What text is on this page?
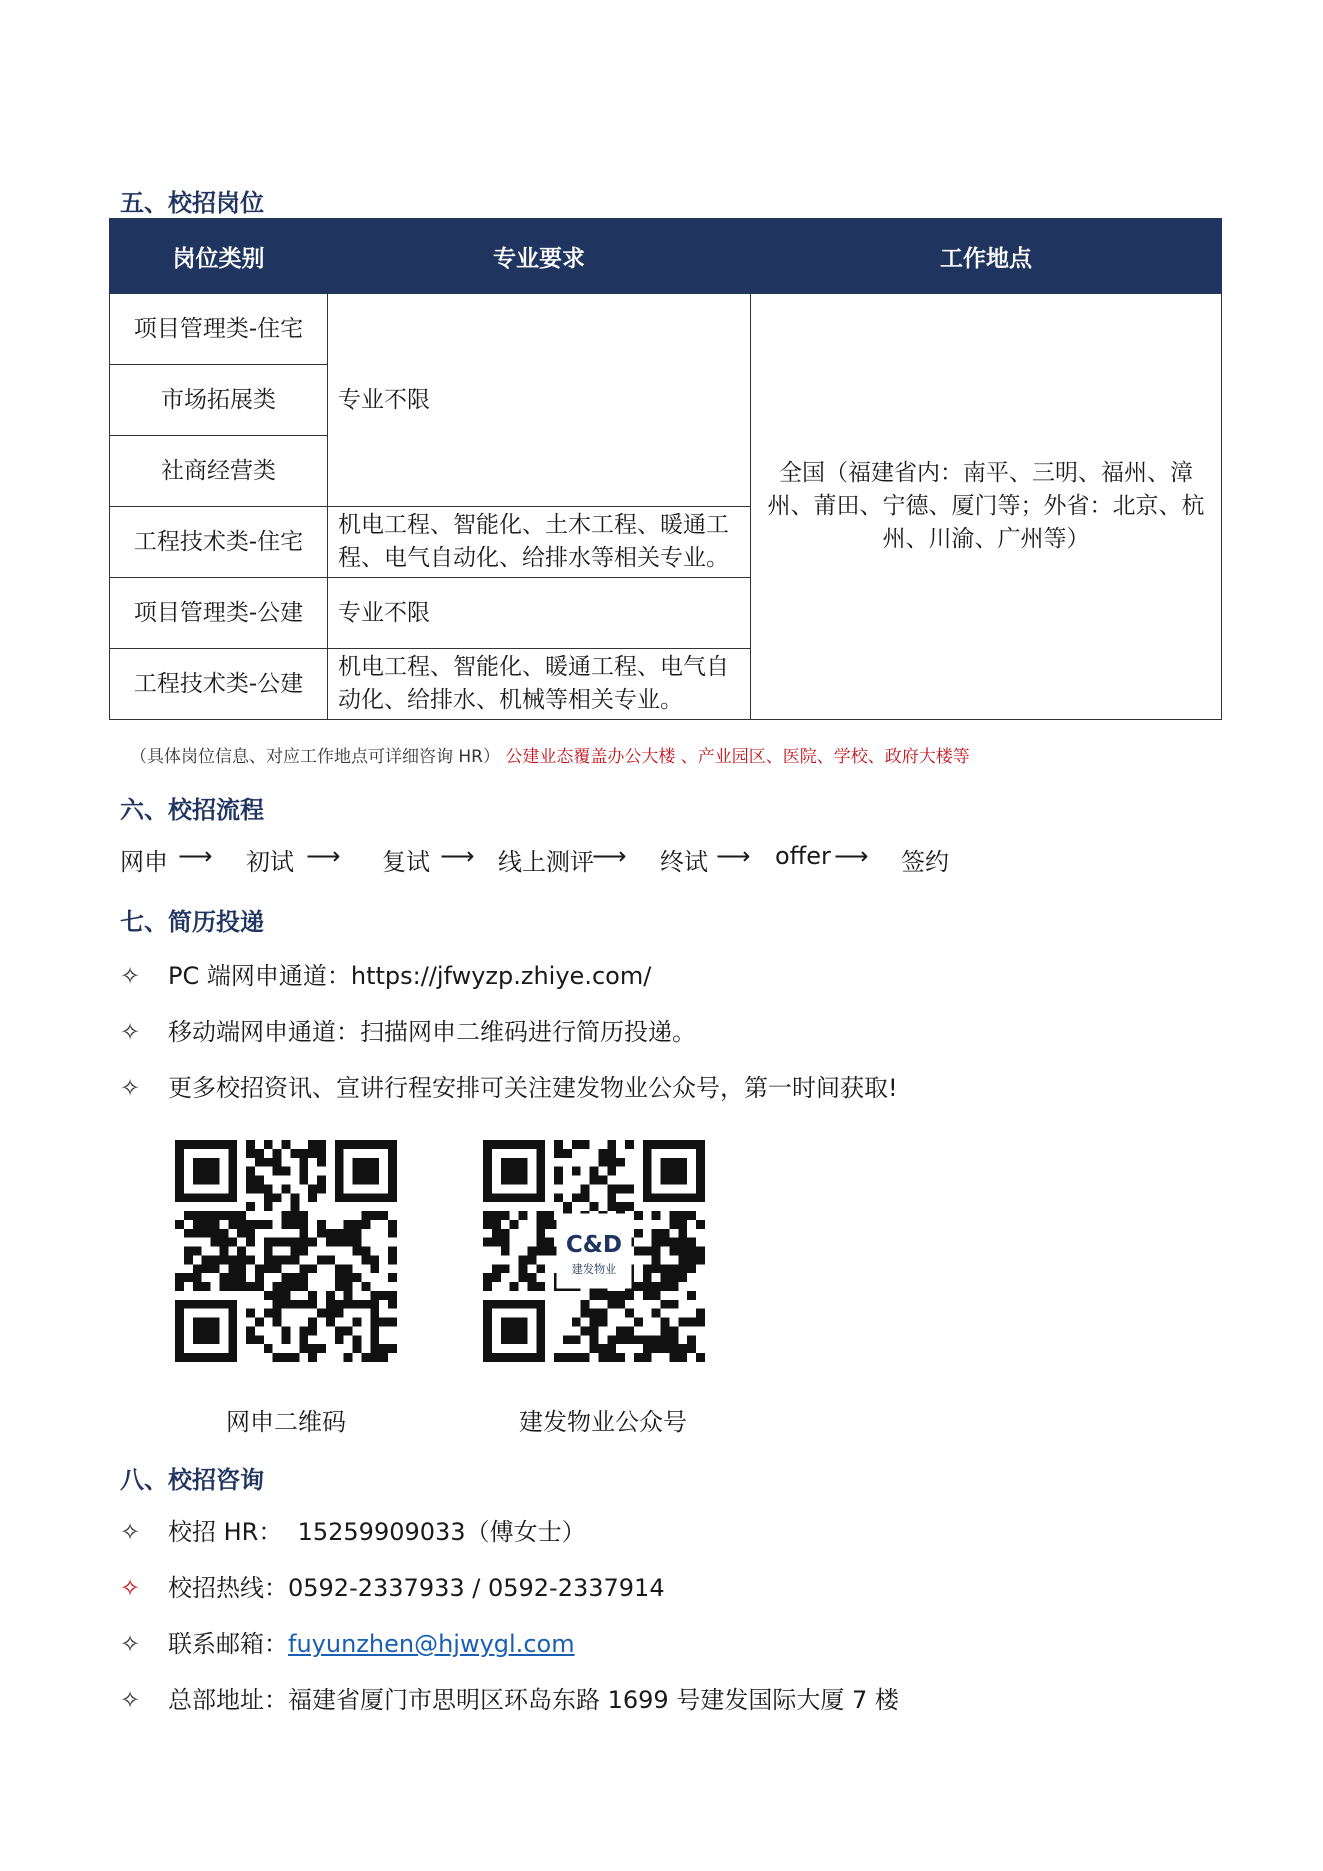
五、校招岗位
岗位类别	专业要求	工作地点
项目管理类-住宅	专业不限	全国（福建省内：南平、三明、福州、漳州、莆田、宁德、厦门等；外省：北京、杭州、川渝、广州等）
市场拓展类		
社商经营类		
工程技术类-住宅	机电工程、智能化、土木工程、暖通工程、电气自动化、给排水等相关专业。	
项目管理类-公建	专业不限	
工程技术类-公建	机电工程、智能化、暖通工程、电气自动化、给排水、机械等相关专业。	
（具体岗位信息、对应工作地点可详细咨询 HR） 公建业态覆盖办公大楼 、产业园区、医院、学校、政府大楼等
六、校招流程
网申 ⟶ 初试 ⟶ 复试 ⟶ 线上测评
⟶ 终试 ⟶ offer ⟶ 签约
七、简历投递
✧ PC 端网申通道：https://jfwyzp.zhiye.com/
✧ 移动端网申通道：扫描网申二维码进行简历投递。
✧ 更多校招资讯、宣讲行程安排可关注建发物业公众号，第一时间获取!
C&D
建发物业
网申二维码	建发物业公众号
八、校招咨询
✧ 校招 HR：  15259909033（傅女士）
✧ 校招热线：0592-2337933 / 0592-2337914
✧ 联系邮箱：fuyunzhen@hjwygl.com
✧ 总部地址：福建省厦门市思明区环岛东路 1699 号建发国际大厦 7 楼
